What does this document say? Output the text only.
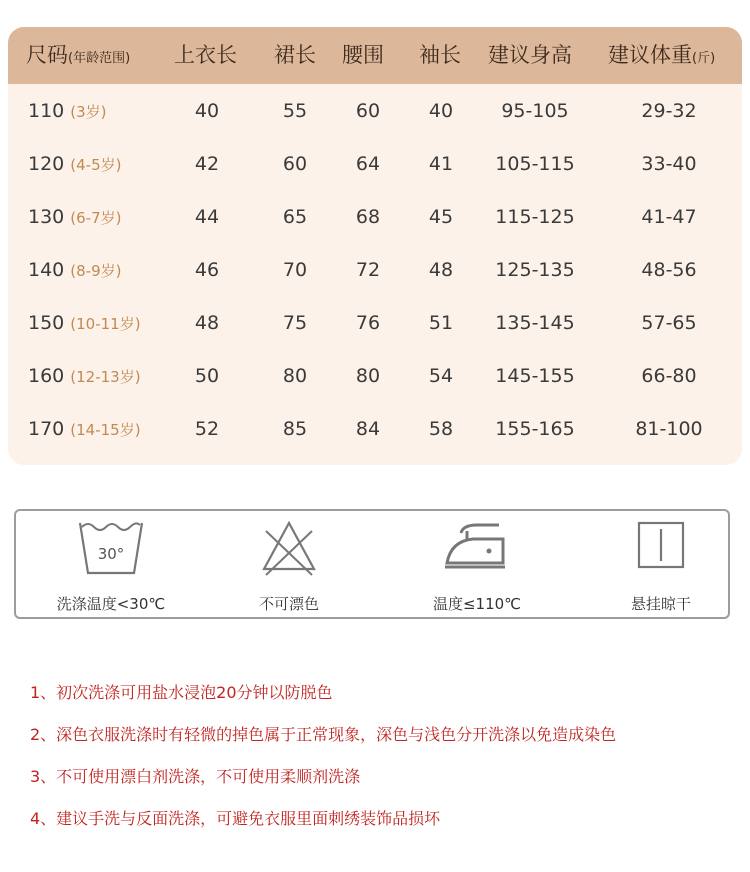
尺码(年龄范围) 上衣长 裙长 腰围 袖长 建议身高 建议体重(斤)
110 (3岁)	40	55	60	40	95-105	29-32
120 (4-5岁)	42	60	64	41 105-115	33-40
130 (6-7岁)	44	65	68	45 115-125	41-47
140 (8-9岁)	46	70	72	48 125-135	48-56
150 (10-11岁)	48	75	76	51 135-145	57-65
160 (12-13岁)	50	80	80	54 145-155	66-80
170 (14-15岁)	52	85	84	58 155-165	81-100
30°
洗涤温度<30℃	不可漂色	温度≤110℃	悬挂晾干
1、初次洗涤可用盐水浸泡20分钟以防脱色
2、深色衣服洗涤时有轻微的掉色属于正常现象，深色与浅色分开洗涤以免造成染色
3、不可使用漂白剂洗涤，不可使用柔顺剂洗涤
4、建议手洗与反面洗涤，可避免衣服里面刺绣装饰品损坏
